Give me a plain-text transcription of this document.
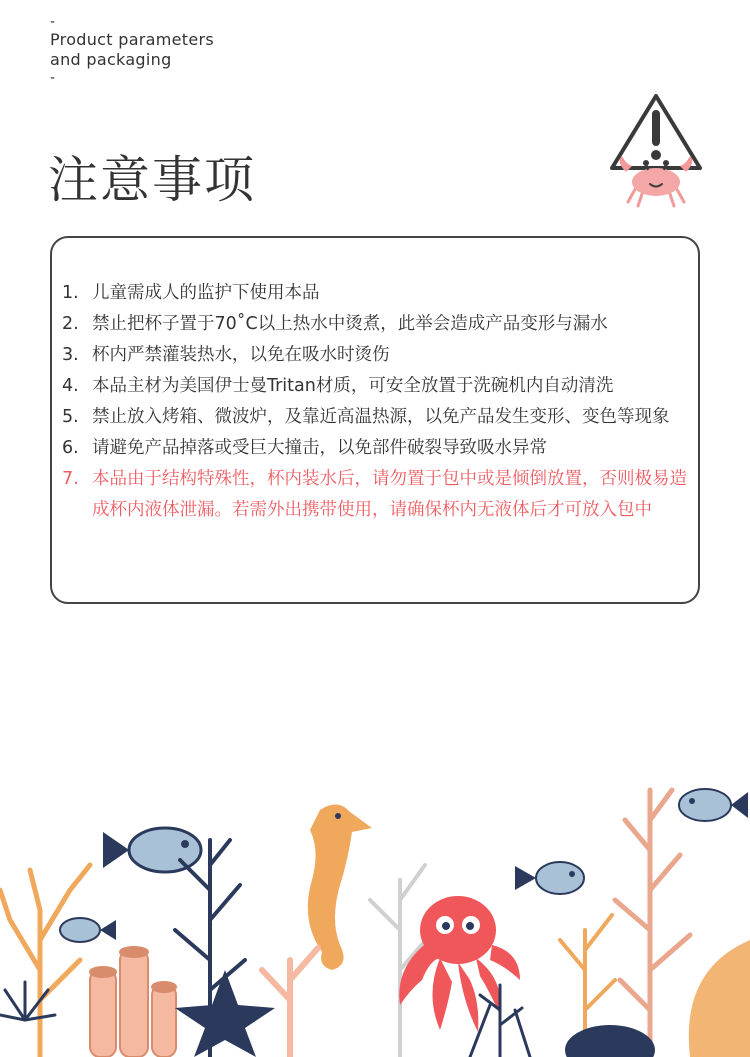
-
Product parameters
and packaging
-
注意事项
1. 儿童需成人的监护下使用本品
2. 禁止把杯子置于70˚C以上热水中烫煮，此举会造成产品变形与漏水
3. 杯内严禁灌装热水，以免在吸水时烫伤
4. 本品主材为美国伊士曼Tritan材质，可安全放置于洗碗机内自动清洗
5. 禁止放入烤箱、微波炉，及靠近高温热源，以免产品发生变形、变色等现象
6. 请避免产品掉落或受巨大撞击，以免部件破裂导致吸水异常
7. 本品由于结构特殊性，杯内装水后，请勿置于包中或是倾倒放置，否则极易造成杯内液体泄漏。若需外出携带使用，请确保杯内无液体后才可放入包中
